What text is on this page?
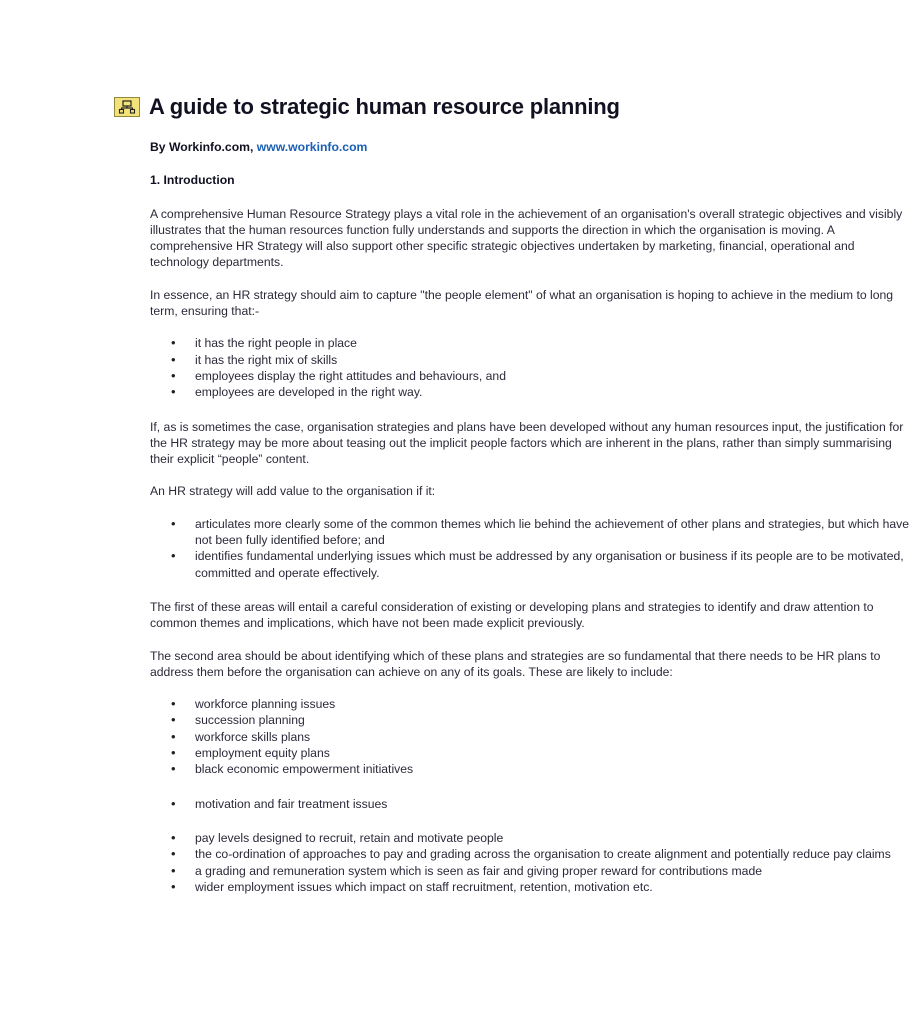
A guide to strategic human resource planning
By Workinfo.com, www.workinfo.com
1. Introduction

A comprehensive Human Resource Strategy plays a vital role in the achievement of an organisation's overall strategic objectives and visibly illustrates that the human resources function fully understands and supports the direction in which the organisation is moving. A comprehensive HR Strategy will also support other specific strategic objectives undertaken by marketing, financial, operational and technology departments.

In essence, an HR strategy should aim to capture "the people element" of what an organisation is hoping to achieve in the medium to long term, ensuring that:-

• it has the right people in place
• it has the right mix of skills
• employees display the right attitudes and behaviours, and
• employees are developed in the right way.

If, as is sometimes the case, organisation strategies and plans have been developed without any human resources input, the justification for the HR strategy may be more about teasing out the implicit people factors which are inherent in the plans, rather than simply summarising their explicit “people” content.

An HR strategy will add value to the organisation if it:

• articulates more clearly some of the common themes which lie behind the achievement of other plans and strategies, but which have not been fully identified before; and
• identifies fundamental underlying issues which must be addressed by any organisation or business if its people are to be motivated, committed and operate effectively.

The first of these areas will entail a careful consideration of existing or developing plans and strategies to identify and draw attention to common themes and implications, which have not been made explicit previously.

The second area should be about identifying which of these plans and strategies are so fundamental that there needs to be HR plans to address them before the organisation can achieve on any of its goals. These are likely to include:

• workforce planning issues
• succession planning
• workforce skills plans
• employment equity plans
• black economic empowerment initiatives
• motivation and fair treatment issues
• pay levels designed to recruit, retain and motivate people
• the co-ordination of approaches to pay and grading across the organisation to create alignment and potentially reduce pay claims
• a grading and remuneration system which is seen as fair and giving proper reward for contributions made
• wider employment issues which impact on staff recruitment, retention, motivation etc.
